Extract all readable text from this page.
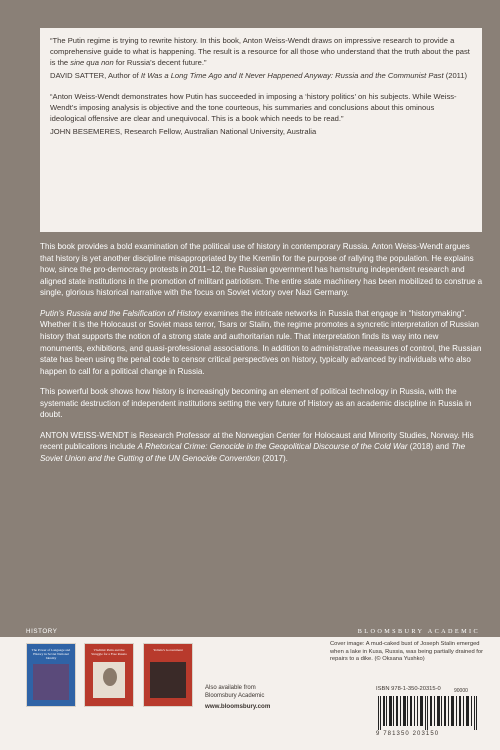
“The Putin regime is trying to rewrite history. In this book, Anton Weiss-Wendt draws on impressive research to provide a comprehensive guide to what is happening. The result is a resource for all those who understand that the truth about the past is the sine qua non for Russia’s decent future.”

DAVID SATTER, Author of It Was a Long Time Ago and It Never Happened Anyway: Russia and the Communist Past (2011)

“Anton Weiss-Wendt demonstrates how Putin has succeeded in imposing a ‘history politics’ on his subjects. While Weiss-Wendt’s imposing analysis is objective and the tone courteous, his summaries and conclusions about this ominous ideological offensive are clear and unequivocal. This is a book which needs to be read.”

JOHN BESEMERES, Research Fellow, Australian National University, Australia

This book provides a bold examination of the political use of history in contemporary Russia. Anton Weiss-Wendt argues that history is yet another discipline misappropriated by the Kremlin for the purpose of rallying the population. He explains how, since the pro-democracy protests in 2011–12, the Russian government has hamstrung independent research and aligned state institutions in the promotion of militant patriotism. The entire state machinery has been mobilized to construe a single, glorious historical narrative with the focus on Soviet victory over Nazi Germany.

Putin’s Russia and the Falsification of History examines the intricate networks in Russia that engage in “historymaking”. Whether it is the Holocaust or Soviet mass terror, Tsars or Stalin, the regime promotes a syncretic interpretation of Russian history that supports the notion of a strong state and authoritarian rule. That interpretation finds its way into new monuments, exhibitions, and quasi-professional associations. In addition to administrative measures of control, the Russian state has been using the penal code to censor critical perspectives on history, typically advanced by individuals who also happen to call for a political change in Russia.

This powerful book shows how history is increasingly becoming an element of political technology in Russia, with the systematic destruction of independent institutions setting the very future of History as an academic discipline in Russia in doubt.

ANTON WEISS-WENDT is Research Professor at the Norwegian Center for Holocaust and Minority Studies, Norway. His recent publications include A Rhetorical Crime: Genocide in the Geopolitical Discourse of the Cold War (2018) and The Soviet Union and the Gutting of the UN Genocide Convention (2017).

HISTORY	BLOOMSBURY ACADEMIC
The Power of Language and History in Soviet National Identity
Vladimir Putin and the Struggle for a Free Russia
Yeltsin’s Government
Also available from
Bloomsbury Academic
www.bloomsbury.com
Cover image: A mud-caked bust of Joseph Stalin emerged when a lake in Kusa, Russia, was being partially drained for repairs to a dike. (© Oksana Yushko)
ISBN 978-1-350-20315-0	90000
9 781350 203150
